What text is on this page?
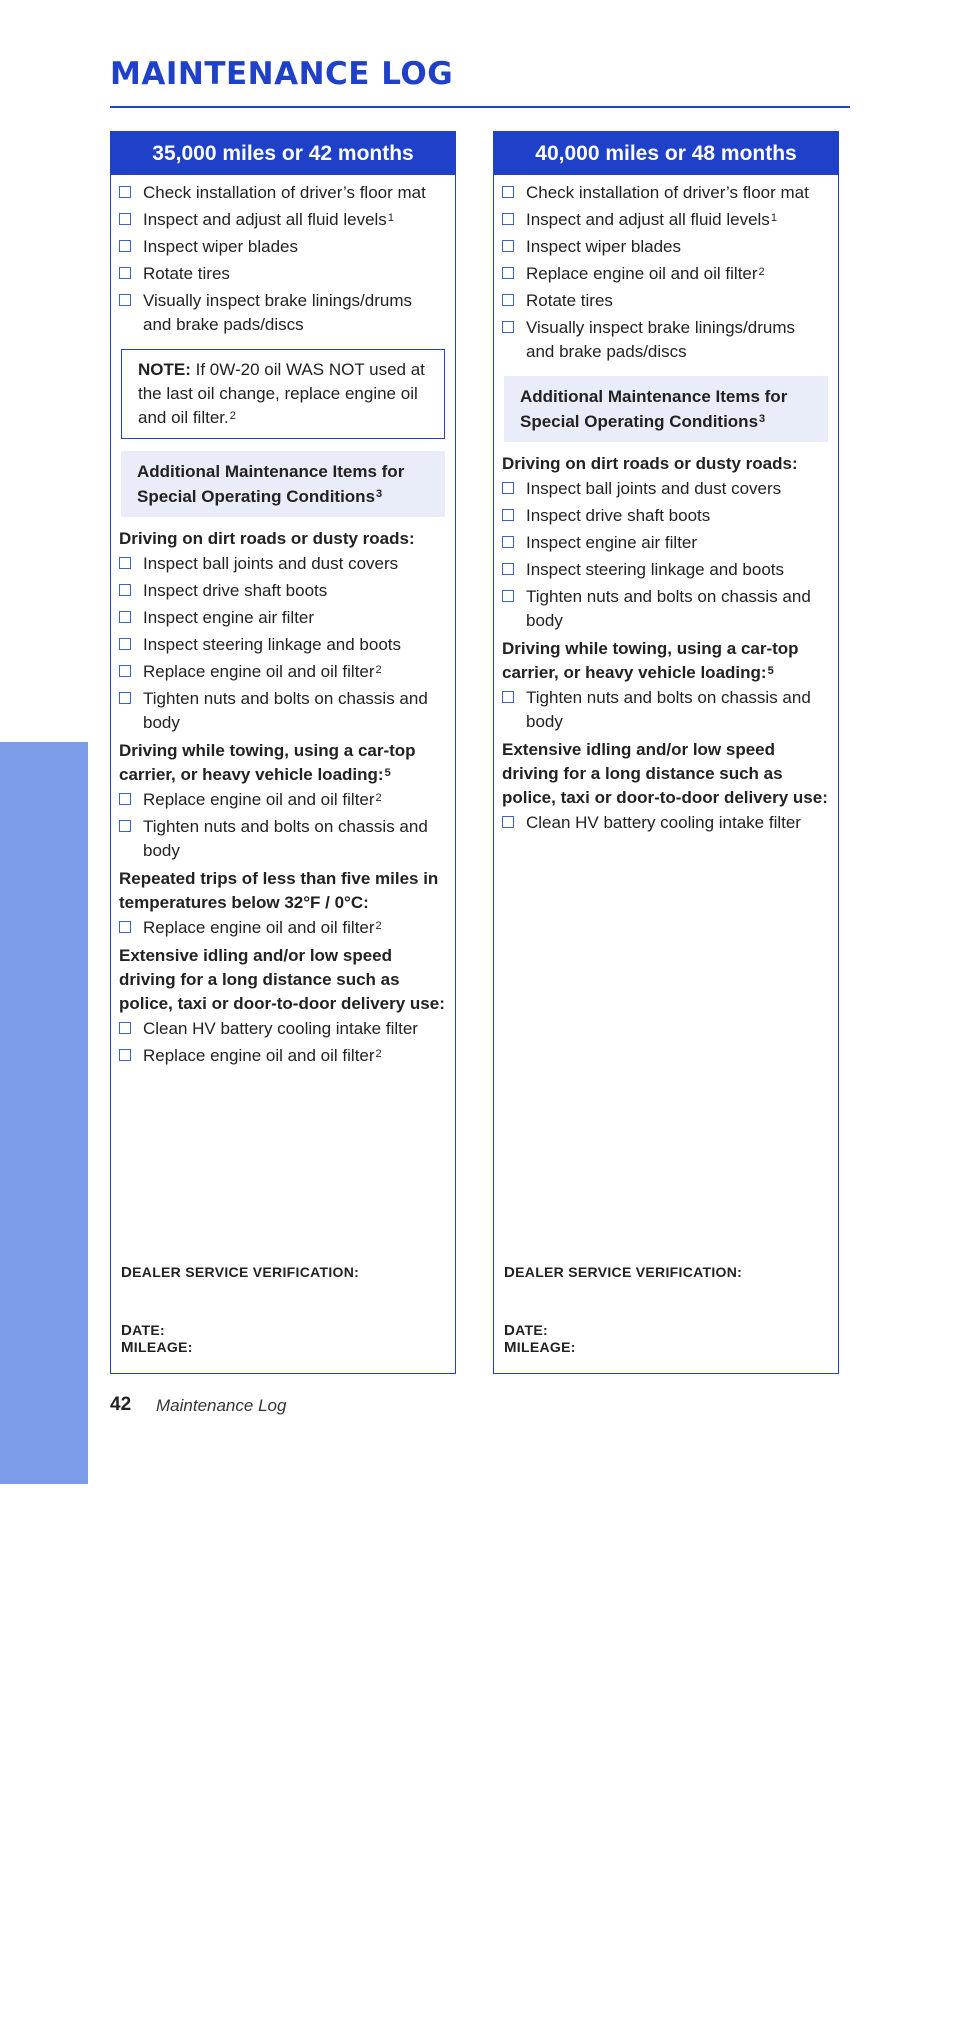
MAINTENANCE LOG
MAINTENANCE
35,000 miles or 42 months
Check installation of driver’s floor mat
Inspect and adjust all fluid levels$^1$
Inspect wiper blades
Rotate tires
Visually inspect brake linings/drums and brake pads/discs
NOTE: If 0W-20 oil WAS NOT used at the last oil change, replace engine oil and oil filter.$^2$
Additional Maintenance Items for Special Operating Conditions$^3$
Driving on dirt roads or dusty roads:
Inspect ball joints and dust covers
Inspect drive shaft boots
Inspect engine air filter
Inspect steering linkage and boots
Replace engine oil and oil filter$^2$
Tighten nuts and bolts on chassis and body
Driving while towing, using a car-top carrier, or heavy vehicle loading:$^5$
Replace engine oil and oil filter$^2$
Tighten nuts and bolts on chassis and body
Repeated trips of less than five miles in temperatures below 32°F / 0°C:
Replace engine oil and oil filter$^2$
Extensive idling and/or low speed driving for a long distance such as police, taxi or door-to-door delivery use:
Clean HV battery cooling intake filter
Replace engine oil and oil filter$^2$
DEALER SERVICE VERIFICATION:
DATE:
MILEAGE:
40,000 miles or 48 months
Check installation of driver’s floor mat
Inspect and adjust all fluid levels$^1$
Inspect wiper blades
Replace engine oil and oil filter$^2$
Rotate tires
Visually inspect brake linings/drums and brake pads/discs
Additional Maintenance Items for Special Operating Conditions$^3$
Driving on dirt roads or dusty roads:
Inspect ball joints and dust covers
Inspect drive shaft boots
Inspect engine air filter
Inspect steering linkage and boots
Tighten nuts and bolts on chassis and body
Driving while towing, using a car-top carrier, or heavy vehicle loading:$^5$
Tighten nuts and bolts on chassis and body
Extensive idling and/or low speed driving for a long distance such as police, taxi or door-to-door delivery use:
Clean HV battery cooling intake filter
DEALER SERVICE VERIFICATION:
DATE:
MILEAGE:
42 Maintenance Log
